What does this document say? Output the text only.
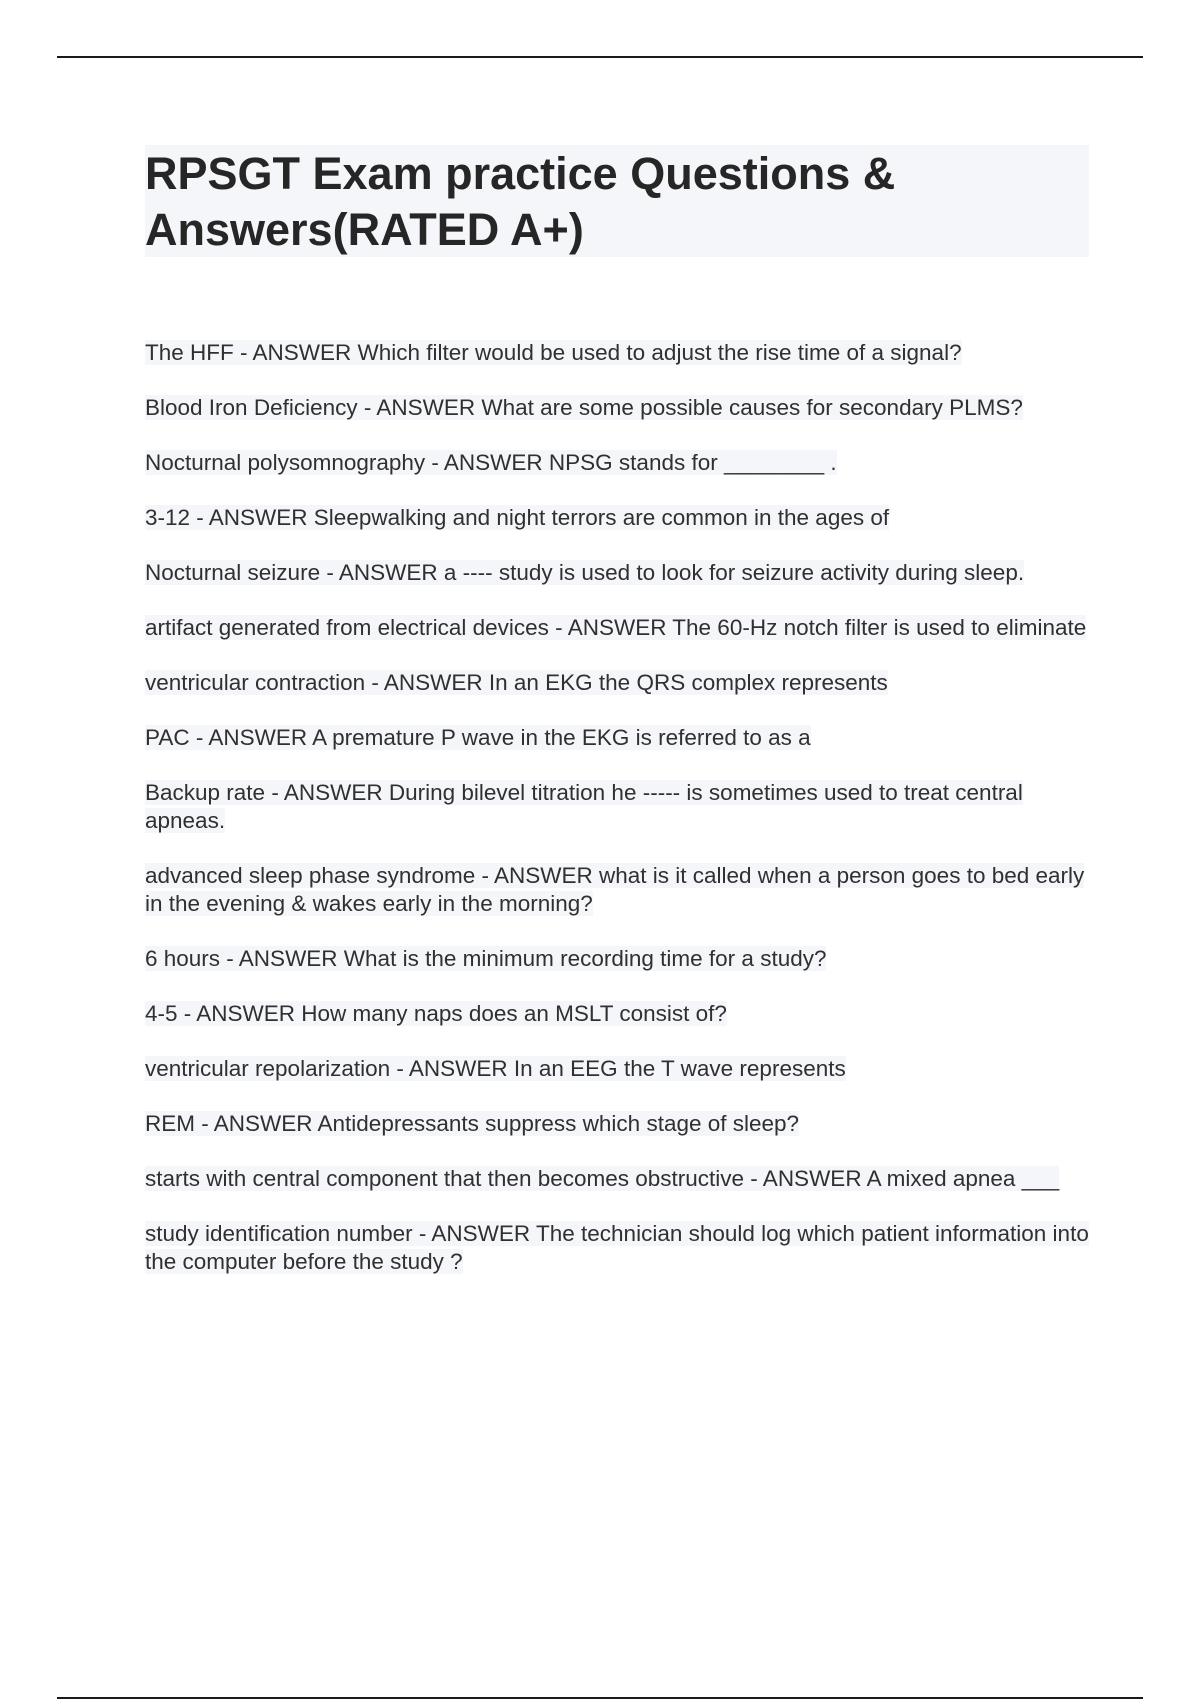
RPSGT Exam practice Questions & Answers(RATED A+)
The HFF - ANSWER Which filter would be used to adjust the rise time of a signal?
Blood Iron Deficiency - ANSWER What are some possible causes for secondary PLMS?
Nocturnal polysomnography - ANSWER NPSG stands for ________ .
3-12 - ANSWER Sleepwalking and night terrors are common in the ages of
Nocturnal seizure - ANSWER a ---- study is used to look for seizure activity during sleep.
artifact generated from electrical devices - ANSWER The 60-Hz notch filter is used to eliminate
ventricular contraction - ANSWER In an EKG the QRS complex represents
PAC - ANSWER A premature P wave in the EKG is referred to as a
Backup rate - ANSWER During bilevel titration he ----- is sometimes used to treat central apneas.
advanced sleep phase syndrome - ANSWER what is it called when a person goes to bed early in the evening & wakes early in the morning?
6 hours - ANSWER What is the minimum recording time for a study?
4-5 - ANSWER How many naps does an MSLT consist of?
ventricular repolarization - ANSWER In an EEG the T wave represents
REM - ANSWER Antidepressants suppress which stage of sleep?
starts with central component that then becomes obstructive - ANSWER A mixed apnea ___
study identification number - ANSWER The technician should log which patient information into the computer before the study ?
